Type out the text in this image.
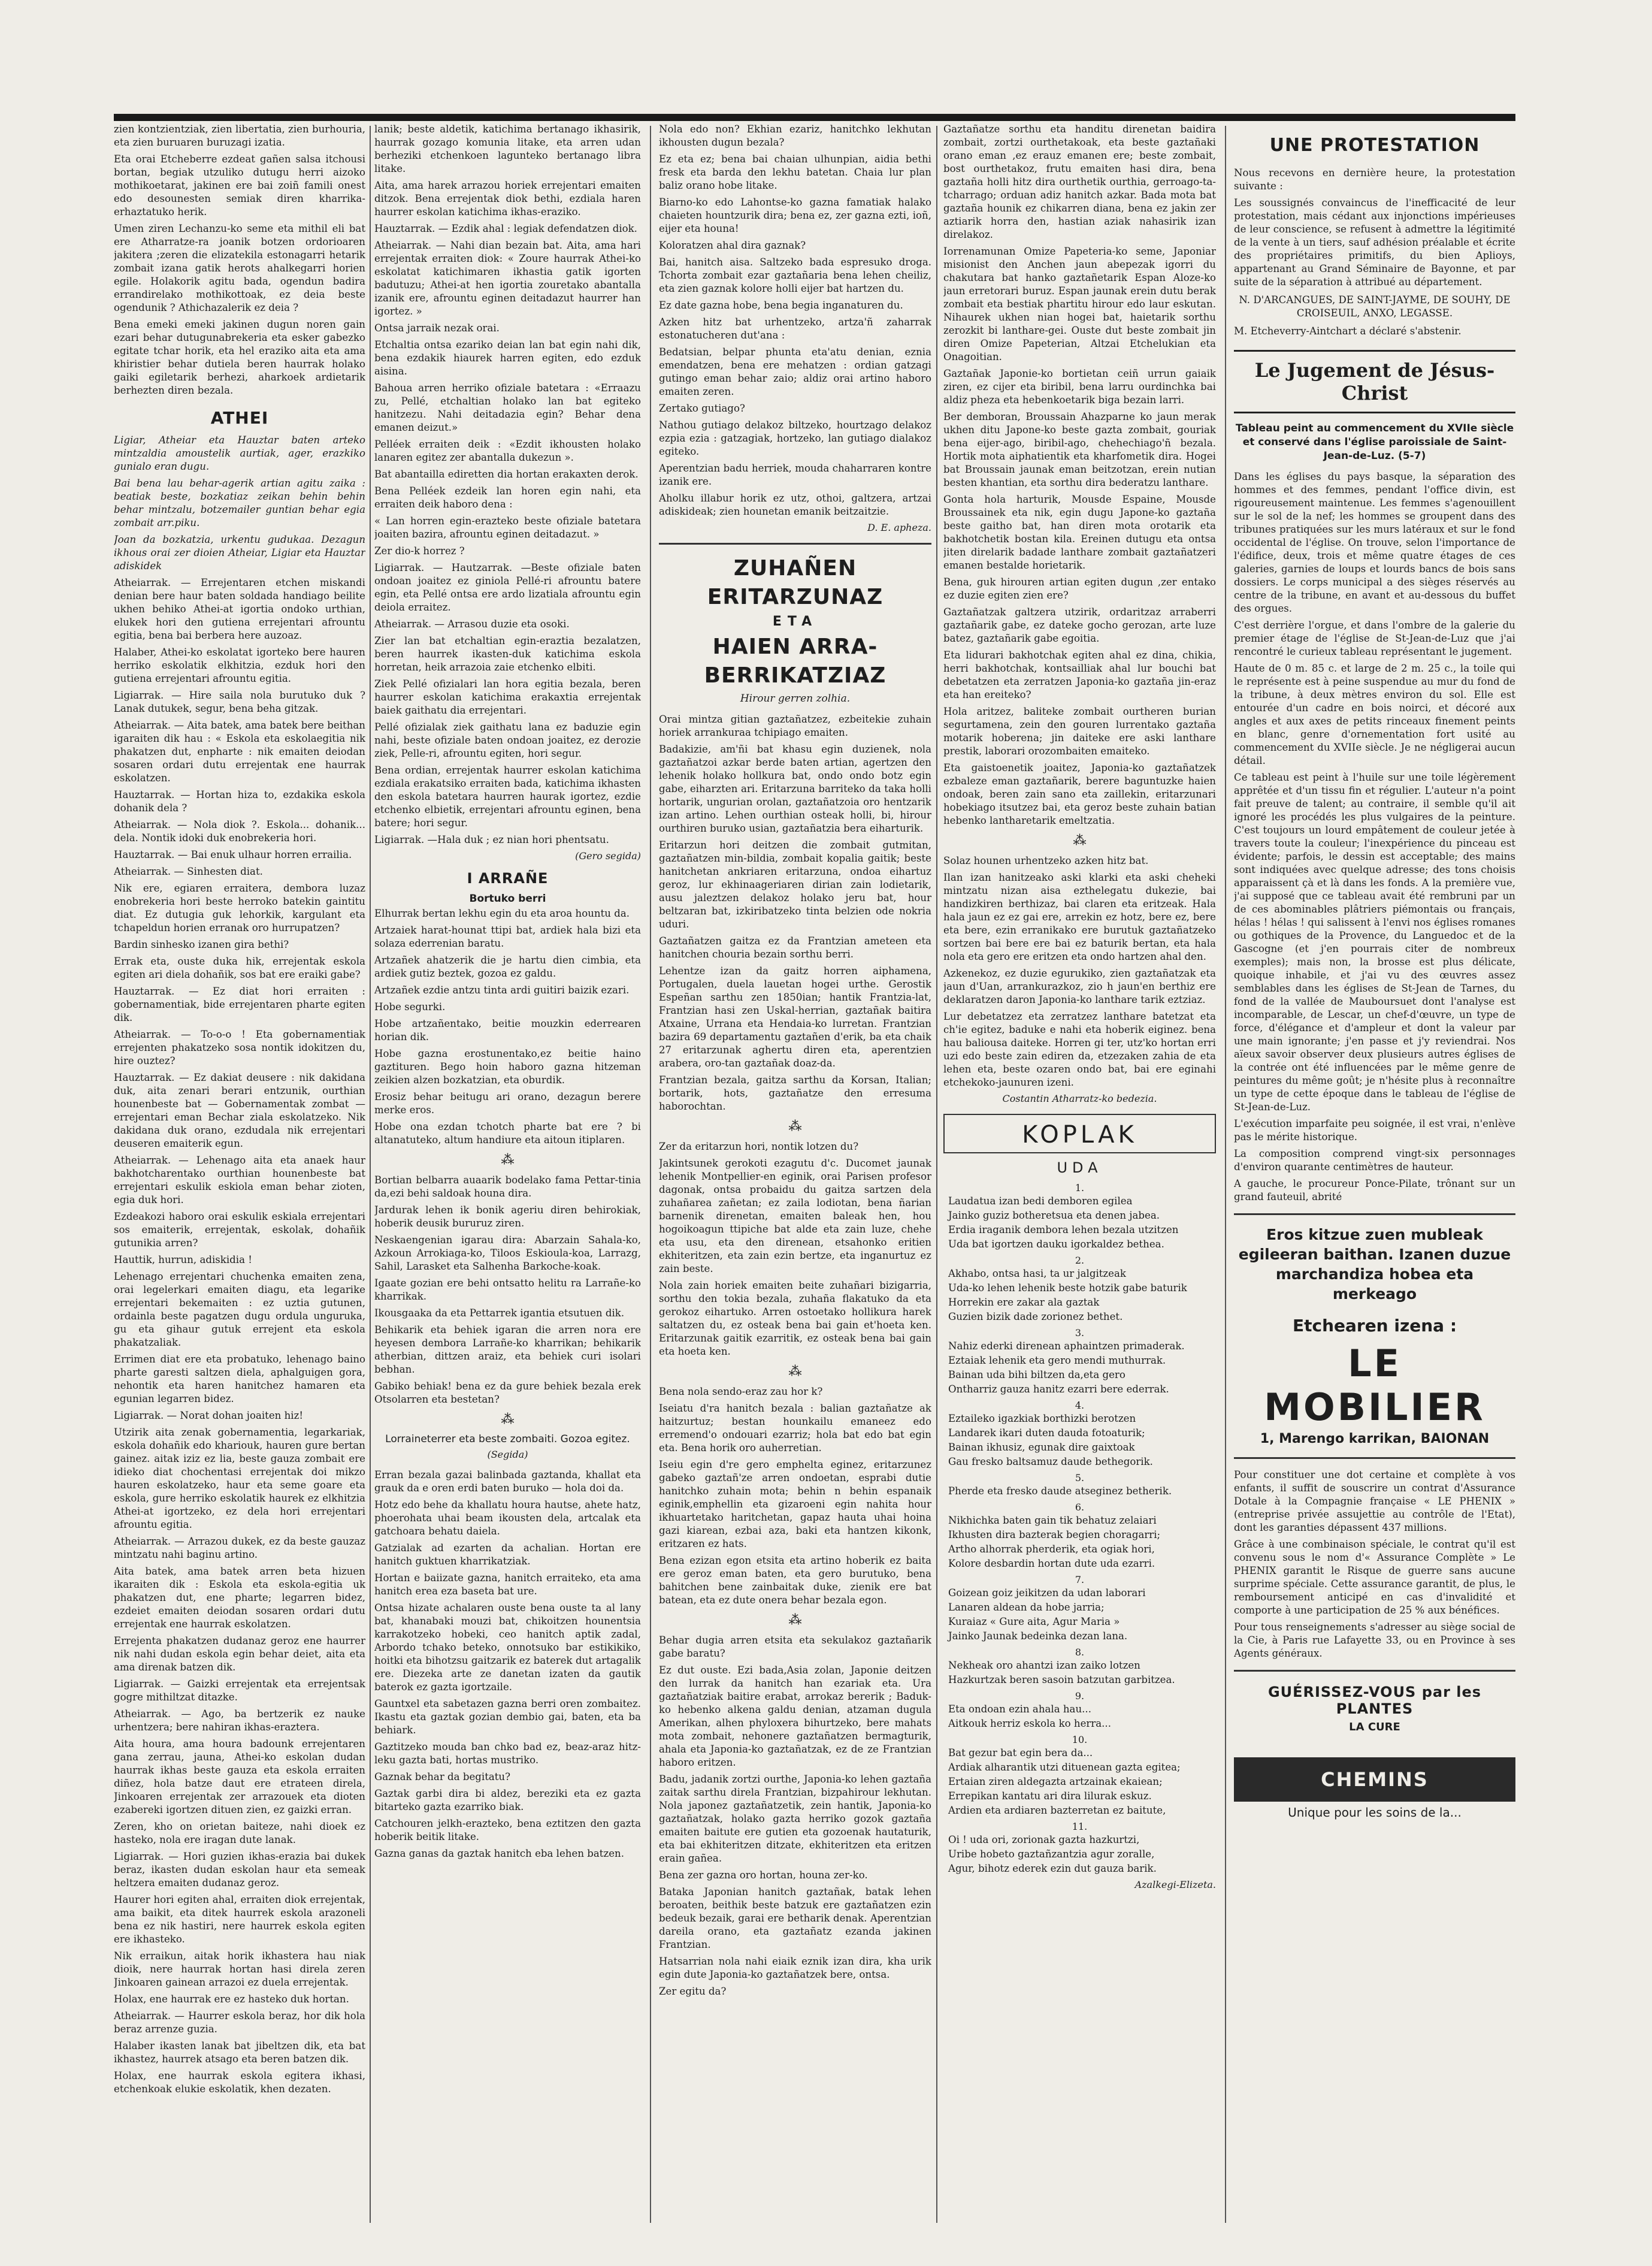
zien kontzientziak, zien libertatia, zien burhouria, eta zien buruaren buruzagi izatia.

Eta orai Etcheberre ezdeat gañen salsa itchousi bortan, begiak utzuliko dutugu herri aizoko mothikoetarat, jakinen ere bai zoiñ famili onest edo desounesten semiak diren kharrika-erhaztatuko herik.

Umen ziren Lechanzu-ko seme eta mithil eli bat ere Atharratze-ra joanik botzen ordorioaren jakitera ;zeren die elizatekila estonagarri hetarik zombait izana gatik herots ahalkegarri horien egile. Holakorik agitu bada, ogendun badira errandirelako mothikottoak, ez deia beste ogendunik ? Athichazalerik ez deia ?

Bena emeki emeki jakinen dugun noren gain ezari behar dutugunabrekeria eta esker gabezko egitate tchar horik, eta hel eraziko aita eta ama khiristier behar dutiela beren haurrak holako gaiki egiletarik berhezi, aharkoek ardietarik berhezten diren bezala.

ATHEI

Ligiar, Atheiar eta Hauztar baten arteko mintzaldia amoustelik aurtiak, ager, erazkiko gunialo eran dugu.

Bai bena lau behar-agerik artian agitu zaika : beatiak beste, bozkatiaz zeikan behin behin behar mintzalu, botzemailer guntian behar egia zombait arr.piku.

Joan da bozkatzia, urkentu gudukaa. Dezagun ikhous orai zer dioien Atheiar, Ligiar eta Hauztar adiskidek

Atheiarrak. — Errejentaren etchen miskandi denian bere haur baten soldada handiago beilite ukhen behiko Athei-at igortia ondoko urthian, elukek hori den gutiena errejentari afrountu egitia, bena bai berbera here auzoaz.

Halaber, Athei-ko eskolatat igorteko bere hauren herriko eskolatik elkhitzia, ezduk hori den gutiena errejentari afrountu egitia.

Ligiarrak. — Hire saila nola burutuko duk ? Lanak dutukek, segur, bena beha gitzak.

Atheiarrak. — Aita batek, ama batek bere beithan igaraiten dik hau : « Eskola eta eskolaegitia nik phakatzen dut, enpharte : nik emaiten deiodan sosaren ordari dutu errejentak ene haurrak eskolatzen.

Hauztarrak. — Hortan hiza to, ezdakika eskola dohanik dela ?

Atheiarrak. — Nola diok ?. Eskola... dohanik... dela. Nontik idoki duk enobrekeria hori.

Hauztarrak. — Bai enuk ulhaur horren errailia.

Atheiarrak. — Sinhesten diat.

Nik ere, egiaren erraitera, dembora luzaz enobrekeria hori beste herroko batekin gaintitu diat. Ez dutugia guk lehorkik, kargulant eta tchapeldun horien erranak oro hurrupatzen?

Bardin sinhesko izanen gira bethi?

Errak eta, ouste duka hik, errejentak eskola egiten ari diela dohañik, sos bat ere eraiki gabe?

Hauztarrak. — Ez diat hori erraiten : gobernamentiak, bide errejentaren pharte egiten dik.

Atheiarrak. — To-o-o ! Eta gobernamentiak errejenten phakatzeko sosa nontik idokitzen du, hire ouztez?

Hauztarrak. — Ez dakiat deusere : nik dakidana duk, aita zenari berari entzunik, ourthian hounenbeste bat — Gobernamentak zombat — errejentari eman Bechar ziala eskolatzeko. Nik dakidana duk orano, ezdudala nik errejentari deuseren emaiterik egun.

Atheiarrak. — Lehenago aita eta anaek haur bakhotcharentako ourthian hounenbeste bat errejentari eskulik eskiola eman behar zioten, egia duk hori.

Ezdeakozi haboro orai eskulik eskiala errejentari sos emaiterik, errejentak, eskolak, dohañik gutunikia arren?

Hauttik, hurrun, adiskidia !

Lehenago errejentari chuchenka emaiten zena, orai legelerkari emaiten diagu, eta legarike errejentari bekemaiten : ez uztia gutunen, ordainla beste pagatzen dugu ordula unguruka, gu eta gihaur gutuk errejent eta eskola phakatzaliak.

Errimen diat ere eta probatuko, lehenago baino pharte garesti saltzen diela, aphalguigen gora, nehontik eta haren hanitchez hamaren eta egunian legarren bidez.

Ligiarrak. — Norat dohan joaiten hiz!

Utzirik aita zenak gobernamentia, legarkariak, eskola dohañik edo khariouk, hauren gure bertan gainez. aitak iziz ez lia, beste gauza zombait ere idieko diat chochentasi errejentak doi mikzo hauren eskolatzeko, haur eta seme goare eta eskola, gure herriko eskolatik haurek ez elkhitzia Athei-at igortzeko, ez dela hori errejentari afrountu egitia.

Atheiarrak. — Arrazou dukek, ez da beste gauzaz mintzatu nahi baginu artino.

Aita batek, ama batek arren beta hizuen ikaraiten dik : Eskola eta eskola-egitia uk phakatzen dut, ene pharte; legarren bidez, ezdeiet emaiten deiodan sosaren ordari dutu errejentak ene haurrak eskolatzen.

Errejenta phakatzen dudanaz geroz ene haurrer nik nahi dudan eskola egin behar deiet, aita eta ama direnak batzen dik.

Ligiarrak. — Gaizki errejentak eta errejentsak gogre mithiltzat ditazke.

Atheiarrak. — Ago, ba bertzerik ez nauke urhentzera; bere nahiran ikhas-eraztera.

Aita houra, ama houra badounk errejentaren gana zerrau, jauna, Athei-ko eskolan dudan haurrak ikhas beste gauza eta eskola erraiten diñez, hola batze daut ere etrateen direla, Jinkoaren errejentak zer arrazouek eta dioten ezabereki igortzen dituen zien, ez gaizki erran.

Zeren, kho on orietan baiteze, nahi dioek ez hasteko, nola ere iragan dute lanak.

Ligiarrak. — Hori guzien ikhas-erazia bai dukek beraz, ikasten dudan eskolan haur eta semeak heltzera emaiten dudanaz geroz.

Haurer hori egiten ahal, erraiten diok errejentak, ama baikit, eta ditek haurrek eskola arazoneli bena ez nik hastiri, nere haurrek eskola egiten ere ikhasteko.

Nik erraikun, aitak horik ikhastera hau niak dioik, nere haurrak hortan hasi direla zeren Jinkoaren gainean arrazoi ez duela errejentak.

Holax, ene haurrak ere ez hasteko duk hortan.

Atheiarrak. — Haurrer eskola beraz, hor dik hola beraz arrenze guzia.

Halaber ikasten lanak bat jibeltzen dik, eta bat ikhastez, haurrek atsago eta beren batzen dik.

Holax, ene haurrak eskola egitera ikhasi, etchenkoak elukie eskolatik, khen dezaten.

lanik; beste aldetik, katichima bertanago ikhasirik, haurrak gozago komunia litake, eta arren udan berheziki etchenkoen lagunteko bertanago libra litake.

Aita, ama harek arrazou horiek errejentari emaiten ditzok. Bena errejentak diok bethi, ezdiala haren haurrer eskolan katichima ikhas-eraziko.

Hauztarrak. — Ezdik ahal : legiak defendatzen diok.

Atheiarrak. — Nahi dian bezain bat. Aita, ama hari errejentak erraiten diok: « Zoure haurrak Athei-ko eskolatat katichimaren ikhastia gatik igorten badutuzu; Athei-at hen igortia zouretako abantalla izanik ere, afrountu eginen deitadazut haurrer han igortez. »

Ontsa jarraik nezak orai.

Etchaltia ontsa ezariko deian lan bat egin nahi dik, bena ezdakik hiaurek harren egiten, edo ezduk aisina.

Bahoua arren herriko ofiziale batetara : «Erraazu zu, Pellé, etchaltian holako lan bat egiteko hanitzezu. Nahi deitadazia egin? Behar dena emanen deizut.»

Pelléek erraiten deik : «Ezdit ikhousten holako lanaren egitez zer abantalla dukezun ».

Bat abantailla ediretten dia hortan erakaxten derok.

Bena Pelléek ezdeik lan horen egin nahi, eta erraiten deik haboro dena :

« Lan horren egin-erazteko beste ofiziale batetara joaiten bazira, afrountu eginen deitadazut. »

Zer dio-k horrez ?

Ligiarrak. — Hautzarrak. —Beste ofiziale baten ondoan joaitez ez giniola Pellé-ri afrountu batere egin, eta Pellé ontsa ere ardo lizatiala afrountu egin deiola erraitez.

Atheiarrak. — Arrasou duzie eta osoki.

Zier lan bat etchaltian egin-eraztia bezalatzen, beren haurrek ikasten-duk katichima eskola horretan, heik arrazoia zaie etchenko elbiti.

Ziek Pellé ofizialari lan hora egitia bezala, beren haurrer eskolan katichima erakaxtia errejentak baiek gaithatu dia errejentari.

Pellé ofizialak ziek gaithatu lana ez baduzie egin nahi, beste ofiziale baten ondoan joaitez, ez derozie ziek, Pelle-ri, afrountu egiten, hori segur.

Bena ordian, errejentak haurrer eskolan katichima ezdiala erakatsiko erraiten bada, katichima ikhasten den eskola batetara haurren haurak igortez, ezdie etchenko elbietik, errejentari afrountu eginen, bena batere; hori segur.

Ligiarrak. —Hala duk ; ez nian hori phentsatu.

(Gero segida)
I ARRAÑE
Bortuko berri

Elhurrak bertan lekhu egin du eta aroa hountu da.

Artzaiek harat-hounat ttipi bat, ardiek hala bizi eta solaza ederrenian baratu.

Artzañek ahatzerik die je hartu dien cimbia, eta ardiek gutiz beztek, gozoa ez galdu.

Artzañek ezdie antzu tinta ardi guitiri baizik ezari.

Hobe segurki.

Hobe artzañentako, beitie mouzkin ederrearen horian dik.

Hobe gazna erostunentako,ez beitie haino gaztituren. Bego hoin haboro gazna hitzeman zeikien alzen bozkatzian, eta oburdik.

Erosiz behar beitugu ari orano, dezagun berere merke eros.

Hobe ona ezdan tchotch pharte bat ere ? bi altanatuteko, altum handiure eta aitoun itiplaren.

⁂

Bortian belbarra auaarik bodelako fama Pettar-tinia da,ezi behi saldoak houna dira.

Jardurak lehen ik bonik ageriu diren behirokiak, hoberik deusik bururuz ziren.

Neskaengenian igarau dira: Abarzain Sahala-ko, Azkoun Arrokiaga-ko, Tiloos Eskioula-koa, Larrazg, Sahil, Larasket eta Salhenha Barkoche-koak.

Igaate gozian ere behi ontsatto helitu ra Larrañe-ko kharrikak.

Ikousgaaka da eta Pettarrek igantia etsutuen dik.

Behikarik eta behiek igaran die arren nora ere heyesen dembora Larrañe-ko kharrikan; behikarik atherbian, dittzen araiz, eta behiek curi isolari bebhan.

Gabiko behiak! bena ez da gure behiek bezala erek Otsolarren eta bestetan?

⁂
Lorraineterrer eta beste zombaiti. Gozoa egitez.
(Segida)

Erran bezala gazai balinbada gaztanda, khallat eta grauk da e oren erdi baten buruko — hola doi da.

Hotz edo behe da khallatu houra hautse, ahete hatz, phoerohata uhai beam ikousten dela, artcalak eta gatchoara behatu daiela.

Gatzialak ad ezarten da achalian. Hortan ere hanitch guktuen kharrikatziak.

Hortan e baiizate gazna, hanitch erraiteko, eta ama hanitch erea eza baseta bat ure.

Ontsa hizate achalaren ouste bena ouste ta al lany bat, khanabaki mouzi bat, chikoitzen hounentsia karrakotzeko hobeki, ceo hanitch aptik zadal, Arbordo tchako beteko, onnotsuko bar estikikiko, hoitki eta bihotzsu gaitzarik ez baterek dut artagalik ere. Diezeka arte ze danetan izaten da gautik baterok ez gazta igortzaile.

Gauntxel eta sabetazen gazna berri oren zombaitez. Ikastu eta gaztak gozian dembio gai, baten, eta ba behiark.

Gaztitzeko mouda ban chko bad ez, beaz-araz hitz-leku gazta bati, hortas mustriko.

Gaznak behar da begitatu?

Gaztak garbi dira bi aldez, bereziki eta ez gazta bitarteko gazta ezarriko biak.

Catchouren jelkh-erazteko, bena eztitzen den gazta hoberik beitik litake.

Gazna ganas da gaztak hanitch eba lehen batzen.

Nola edo non? Ekhian ezariz, hanitchko lekhutan ikhousten dugun bezala?

Ez eta ez; bena bai chaian ulhunpian, aidia bethi fresk eta barda den lekhu batetan. Chaia lur plan baliz orano hobe litake.

Biarno-ko edo Lahontse-ko gazna famatiak halako chaieten hountzurik dira; bena ez, zer gazna ezti, ioñ, eijer eta houna!

Koloratzen ahal dira gaznak?

Bai, hanitch aisa. Saltzeko bada espresuko droga. Tchorta zombait ezar gaztañaria bena lehen cheiliz, eta zien gaznak kolore holli eijer bat hartzen du.

Ez date gazna hobe, bena begia inganaturen du.

Azken hitz bat urhentzeko, artza'ñ zaharrak estonatucheren dut'ana :

Bedatsian, belpar phunta eta'atu denian, eznia emendatzen, bena ere mehatzen : ordian gatzagi gutingo eman behar zaio; aldiz orai artino haboro emaiten zeren.

Zertako gutiago?

Nathou gutiago delakoz biltzeko, hourtzago delakoz ezpia ezia : gatzagiak, hortzeko, lan gutiago dialakoz egiteko.

Aperentzian badu herriek, mouda chaharraren kontre izanik ere.

Aholku illabur horik ez utz, othoi, galtzera, artzai adiskideak; zien hounetan emanik beitzaitzie.

D. E. apheza.
ZUHAÑEN ERITARZUNAZ
ETA
HAIEN ARRA-BERRIKATZIAZ
Hirour gerren zolhia.

Orai mintza gitian gaztañatzez, ezbeitekie zuhain horiek arrankuraa tchipiago emaiten.

Badakizie, am'ñi bat khasu egin duzienek, nola gaztañatzoi azkar berde baten artian, agertzen den lehenik holako hollkura bat, ondo ondo botz egin gabe, eiharzten ari. Eritarzuna barriteko da taka holli hortarik, ungurian orolan, gaztañatzoia oro hentzarik izan artino. Lehen ourthian osteak holli, bi, hirour ourthiren buruko usian, gaztañatzia bera eiharturik.

Eritarzun hori deitzen die zombait gutmitan, gaztañatzen min-bildia, zombait kopalia gaitik; beste hanitchetan ankriaren eritarzuna, ondoa eihartuz geroz, lur ekhinaageriaren dirian zain lodietarik, ausu jaleztzen delakoz holako jeru bat, hour beltzaran bat, izkiribatzeko tinta belzien ode nokria uduri.

Gaztañatzen gaitza ez da Frantzian ameteen eta hanitchen chouria bezain sorthu berri.

Lehentze izan da gaitz horren aiphamena, Portugalen, duela lauetan hogei urthe. Gerostik Espeñan sarthu zen 1850ian; hantik Frantzia-lat, Frantzian hasi zen Uskal-herrian, gaztañak baitira Atxaine, Urrana eta Hendaia-ko lurretan. Frantzian bazira 69 departamentu gaztañen d'erik, ba eta chaik 27 eritarzunak aghertu diren eta, aperentzien arabera, oro-tan gaztañak doaz-da.

Frantzian bezala, gaitza sarthu da Korsan, Italian; bortarik, hots, gaztañatze den erresuma haborochtan.

⁂

Zer da eritarzun hori, nontik lotzen du?

Jakintsunek gerokoti ezagutu d'c. Ducomet jaunak lehenik Montpellier-en eginik, orai Parisen profesor dagonak, ontsa probaidu du gaitza sartzen dela zuhañarea zañetan; ez zaila lodiotan, bena ñarian barnenik direnetan, emaiten baleak hen, hou hogoikoagun ttipiche bat alde eta zain luze, chehe eta usu, eta den direnean, etsahonko eritien ekhiteritzen, eta zain ezin bertze, eta inganurtuz ez zain beste.

Nola zain horiek emaiten beite zuhañari bizigarria, sorthu den tokia bezala, zuhaña flakatuko da eta gerokoz eihartuko. Arren ostoetako hollikura harek saltatzen du, ez osteak bena bai gain et'hoeta ken. Eritarzunak gaitik ezarritik, ez osteak bena bai gain eta hoeta ken.

⁂

Bena nola sendo-eraz zau hor k?

Iseiatu d'ra hanitch bezala : balian gaztañatze ak haitzurtuz; bestan hounkailu emaneez edo erremend'o ondouari ezarriz; hola bat edo bat egin eta. Bena horik oro auherretian.

Iseiu egin d're gero emphelta eginez, eritarzunez gabeko gaztañ'ze arren ondoetan, esprabi dutie hanitchko zuhain mota; behin n behin espanaik eginik,emphellin eta gizaroeni egin nahita hour ikhuartetako haritchetan, gapaz hauta uhai hoina gazi kiarean, ezbai aza, baki eta hantzen kikonk, eritzaren ez hats.

Bena ezizan egon etsita eta artino hoberik ez baita ere geroz eman baten, eta gero burutuko, bena bahitchen bene zainbaitak duke, zienik ere bat batean, eta ez dute onera behar bezala egon.

⁂

Behar dugia arren etsita eta sekulakoz gaztañarik gabe baratu?

Ez dut ouste. Ezi bada,Asia zolan, Japonie deitzen den lurrak da hanitch han ezariak eta. Ura gaztañatziak baitire erabat, arrokaz bererik ; Baduk-ko hebenko alkena galdu denian, atzaman dugula Amerikan, alhen phyloxera bihurtzeko, bere mahats mota zombait, nehonere gaztañatzen bermagturik, ahala eta Japonia-ko gaztañatzak, ez de ze Frantzian haboro eritzen.

Badu, jadanik zortzi ourthe, Japonia-ko lehen gaztaña zaitak sarthu direla Frantzian, bizpahirour lekhutan. Nola japonez gaztañatzetik, zein hantik, Japonia-ko gaztañatzak, holako gazta herriko gozok gaztaña emaiten baitute ere gutien eta gozoenak hautaturik, eta bai ekhiteritzen ditzate, ekhiteritzen eta eritzen erain gañea.

Bena zer gazna oro hortan, houna zer-ko.

Bataka Japonian hanitch gaztañak, batak lehen beroaten, beithik beste batzuk ere gaztañatzen ezin bedeuk bezaik, garai ere betharik denak. Aperentzian dareila orano, eta gaztañatz ezanda jakinen Frantzian.

Hatsarrian nola nahi eiaik eznik izan dira, kha urik egin dute Japonia-ko gaztañatzek bere, ontsa.

Zer egitu da?

Gaztañatze sorthu eta handitu direnetan baidira zombait, zortzi ourthetakoak, eta beste gaztañaki orano eman ,ez erauz emanen ere; beste zombait, bost ourthetakoz, frutu emaiten hasi dira, bena gaztaña holli hitz dira ourthetik ourthia, gerroago-ta-tcharrago; orduan adiz hanitch azkar. Bada mota bat gaztaña hounik ez chikarren diana, bena ez jakin zer aztiarik horra den, hastian aziak nahasirik izan direlakoz.

Iorrenamunan Omize Papeteria-ko seme, Japoniar misionist den Anchen jaun abepezak igorri du chakutara bat hanko gaztañetarik Espan Aloze-ko jaun erretorari buruz. Espan jaunak erein dutu berak zombait eta bestiak phartitu hirour edo laur eskutan. Nihaurek ukhen nian hogei bat, haietarik sorthu zerozkit bi lanthare-gei. Ouste dut beste zombait jin diren Omize Papeterian, Altzai Etchelukian eta Onagoitian.

Gaztañak Japonie-ko bortietan ceiñ urrun gaiaik ziren, ez cijer eta biribil, bena larru ourdinchka bai aldiz pheza eta hebenkoetarik biga bezain larri.

Ber demboran, Broussain Ahazparne ko jaun merak ukhen ditu Japone-ko beste gazta zombait, gouriak bena eijer-ago, biribil-ago, chehechiago'ñ bezala. Hortik mota aiphatientik eta kharfometik dira. Hogei bat Broussain jaunak eman beitzotzan, erein nutian besten khantian, eta sorthu dira bederatzu lanthare.

Gonta hola harturik, Mousde Espaine, Mousde Broussainek eta nik, egin dugu Japone-ko gaztaña beste gaitho bat, han diren mota orotarik eta bakhotchetik bostan kila. Ereinen dutugu eta ontsa jiten direlarik badade lanthare zombait gaztañatzeri emanen bestalde horietarik.

Bena, guk hirouren artian egiten dugun ,zer entako ez duzie egiten zien ere?

Gaztañatzak galtzera utzirik, ordaritzaz arraberri gaztañarik gabe, ez dateke gocho gerozan, arte luze batez, gaztañarik gabe egoitia.

Eta lidurari bakhotchak egiten ahal ez dina, chikia, herri bakhotchak, kontsailliak ahal lur bouchi bat debetatzen eta zerratzen Japonia-ko gaztaña jin-eraz eta han ereiteko?

Hola aritzez, baliteke zombait ourtheren burian segurtamena, zein den gouren lurrentako gaztaña motarik hoberena; jin daiteke ere aski lanthare prestik, laborari orozombaiten emaiteko.

Eta gaistoenetik joaitez, Japonia-ko gaztañatzek ezbaleze eman gaztañarik, berere baguntuzke haien ondoak, beren zain sano eta zaillekin, eritarzunari hobekiago itsutzez bai, eta geroz beste zuhain batian hebenko lantharetarik emeltzatia.

⁂

Solaz hounen urhentzeko azken hitz bat.

Ilan izan hanitzeako aski klarki eta aski cheheki mintzatu nizan aisa ezthelegatu dukezie, bai handizkiren berthizaz, bai claren eta eritzeak. Hala hala jaun ez ez gai ere, arrekin ez hotz, bere ez, bere eta bere, ezin erranikako ere burutuk gaztañatzeko sortzen bai bere ere bai ez baturik bertan, eta hala nola eta gero ere eritzen eta ondo hartzen ahal den.

Azkenekoz, ez duzie egurukiko, zien gaztañatzak eta jaun d'Uan, arrankurazkoz, zio h jaun'en berthiz ere deklaratzen daron Japonia-ko lanthare tarik eztziaz.

Lur debetatzez eta zerratzez lanthare batetzat eta ch'ie egitez, baduke e nahi eta hoberik eiginez. bena hau baliousa daiteke. Horren gi ter, utz'ko hortan erri uzi edo beste zain ediren da, etzezaken zahia de eta lehen eta, beste ozaren ondo bat, bai ere eginahi etchekoko-jaunuren izeni.

Costantin Atharratz-ko bedezia.
KOPLAK
UDA
1.

Laudatua izan bedi demboren egilea

Jainko guziz botheretsua eta denen jabea.

Erdia iraganik dembora lehen bezala utzitzen

Uda bat igortzen dauku igorkaldez bethea.

2.

Akhabo, ontsa hasi, ta ur jalgitzeak

Uda-ko lehen lehenik beste hotzik gabe baturik

Horrekin ere zakar ala gaztak

Guzien bizik dade zorionez bethet.

3.

Nahiz ederki direnean aphaintzen primaderak.

Eztaiak lehenik eta gero mendi muthurrak.

Bainan uda bihi biltzen da,eta gero

Ontharriz gauza hanitz ezarri bere ederrak.

4.

Eztaileko igazkiak borthizki berotzen

Landarek ikari duten dauda fotoaturik;

Bainan ikhusiz, egunak dire gaixtoak

Gau fresko baltsamuz daude bethegorik.

5.

Pherde eta fresko daude atseginez betherik.

6.

Nikhichka baten gain tik behatuz zelaiari

Ikhusten dira bazterak begien choragarri;

Artho alhorrak pherderik, eta ogiak hori,

Kolore desbardin hortan dute uda ezarri.

7.

Goizean goiz jeikitzen da udan laborari

Lanaren aldean da hobe jarria;

Kuraiaz « Gure aita, Agur Maria »

Jainko Jaunak bedeinka dezan lana.

8.

Nekheak oro ahantzi izan zaiko lotzen

Hazkurtzak beren sasoin batzutan garbitzea.

9.

Eta ondoan ezin ahala hau...

Aitkouk herriz eskola ko herra...

10.

Bat gezur bat egin bera da...

Ardiak alharantik utzi dituenean gazta egitea;

Ertaian ziren aldegazta artzainak ekaiean;

Errepikan kantatu ari dira lilurak eskuz.

Ardien eta ardiaren bazterretan ez baitute,

11.

Oi ! uda ori, zorionak gazta hazkurtzi,

Uribe hobeto gaztañzantzia agur zoralle,

Agur, bihotz ederek ezin dut gauza barik.

Azalkegi-Elizeta.
UNE PROTESTATION

Nous recevons en dernière heure, la protestation suivante :

Les soussignés convaincus de l'inefficacité de leur protestation, mais cédant aux injonctions impérieuses de leur conscience, se refusent à admettre la légitimité de la vente à un tiers, sauf adhésion préalable et écrite des propriétaires primitifs, du bien Aplioys, appartenant au Grand Séminaire de Bayonne, et par suite de la séparation à attribué au département.

N. D'ARCANGUES, DE SAINT-JAYME, DE SOUHY, DE CROISEUIL, ANXO, LEGASSE.

M. Etcheverry-Aintchart a déclaré s'abstenir.

Le Jugement de Jésus-Christ
Tableau peint au commencement du XVIIe siècle et conservé dans l'église paroissiale de Saint-Jean-de-Luz. (5-7)

Dans les églises du pays basque, la séparation des hommes et des femmes, pendant l'office divin, est rigoureusement maintenue. Les femmes s'agenouillent sur le sol de la nef; les hommes se groupent dans des tribunes pratiquées sur les murs latéraux et sur le fond occidental de l'église. On trouve, selon l'importance de l'édifice, deux, trois et même quatre étages de ces galeries, garnies de loups et lourds bancs de bois sans dossiers. Le corps municipal a des sièges réservés au centre de la tribune, en avant et au-dessous du buffet des orgues.

C'est derrière l'orgue, et dans l'ombre de la galerie du premier étage de l'église de St-Jean-de-Luz que j'ai rencontré le curieux tableau représentant le jugement.

Haute de 0 m. 85 c. et large de 2 m. 25 c., la toile qui le représente est à peine suspendue au mur du fond de la tribune, à deux mètres environ du sol. Elle est entourée d'un cadre en bois noirci, et décoré aux angles et aux axes de petits rinceaux finement peints en blanc, genre d'ornementation fort usité au commencement du XVIIe siècle. Je ne négligerai aucun détail.

Ce tableau est peint à l'huile sur une toile légèrement apprêtée et d'un tissu fin et régulier. L'auteur n'a point fait preuve de talent; au contraire, il semble qu'il ait ignoré les procédés les plus vulgaires de la peinture. C'est toujours un lourd empâtement de couleur jetée à travers toute la couleur; l'inexpérience du pinceau est évidente; parfois, le dessin est acceptable; des mains sont indiquées avec quelque adresse; des tons choisis apparaissent çà et là dans les fonds. A la première vue, j'ai supposé que ce tableau avait été rembruni par un de ces abominables plâtriers piémontais ou français, hélas ! hélas ! qui salissent à l'envi nos églises romanes ou gothiques de la Provence, du Languedoc et de la Gascogne (et j'en pourrais citer de nombreux exemples); mais non, la brosse est plus délicate, quoique inhabile, et j'ai vu des œuvres assez semblables dans les églises de St-Jean de Tarnes, du fond de la vallée de Mauboursuet dont l'analyse est incomparable, de Lescar, un chef-d'œuvre, un type de force, d'élégance et d'ampleur et dont la valeur par une main ignorante; j'en passe et j'y reviendrai. Nos aïeux savoir observer deux plusieurs autres églises de la contrée ont été influencées par le même genre de peintures du même goût; je n'hésite plus à reconnaître un type de cette époque dans le tableau de l'église de St-Jean-de-Luz.

L'exécution imparfaite peu soignée, il est vrai, n'enlève pas le mérite historique.

La composition comprend vingt-six personnages d'environ quarante centimètres de hauteur.

A gauche, le procureur Ponce-Pilate, trônant sur un grand fauteuil, abrité

Eros kitzue zuen mubleak egileeran baithan. Izanen duzue marchandiza hobea eta merkeago
Etchearen izena :
LE MOBILIER
1, Marengo karrikan, BAIONAN

Pour constituer une dot certaine et complète à vos enfants, il suffit de souscrire un contrat d'Assurance Dotale à la Compagnie française « LE PHENIX » (entreprise privée assujettie au contrôle de l'Etat), dont les garanties dépassent 437 millions.

Grâce à une combinaison spéciale, le contrat qu'il est convenu sous le nom d'« Assurance Complète » Le PHENIX garantit le Risque de guerre sans aucune surprime spéciale. Cette assurance garantit, de plus, le remboursement anticipé en cas d'invalidité et comporte à une participation de 25 % aux bénéfices.

Pour tous renseignements s'adresser au siège social de la Cie, à Paris rue Lafayette 33, ou en Province à ses Agents généraux.

GUÉRISSEZ-VOUS par les PLANTES
LA CURE
CHEMINS
Unique pour les soins de la...
